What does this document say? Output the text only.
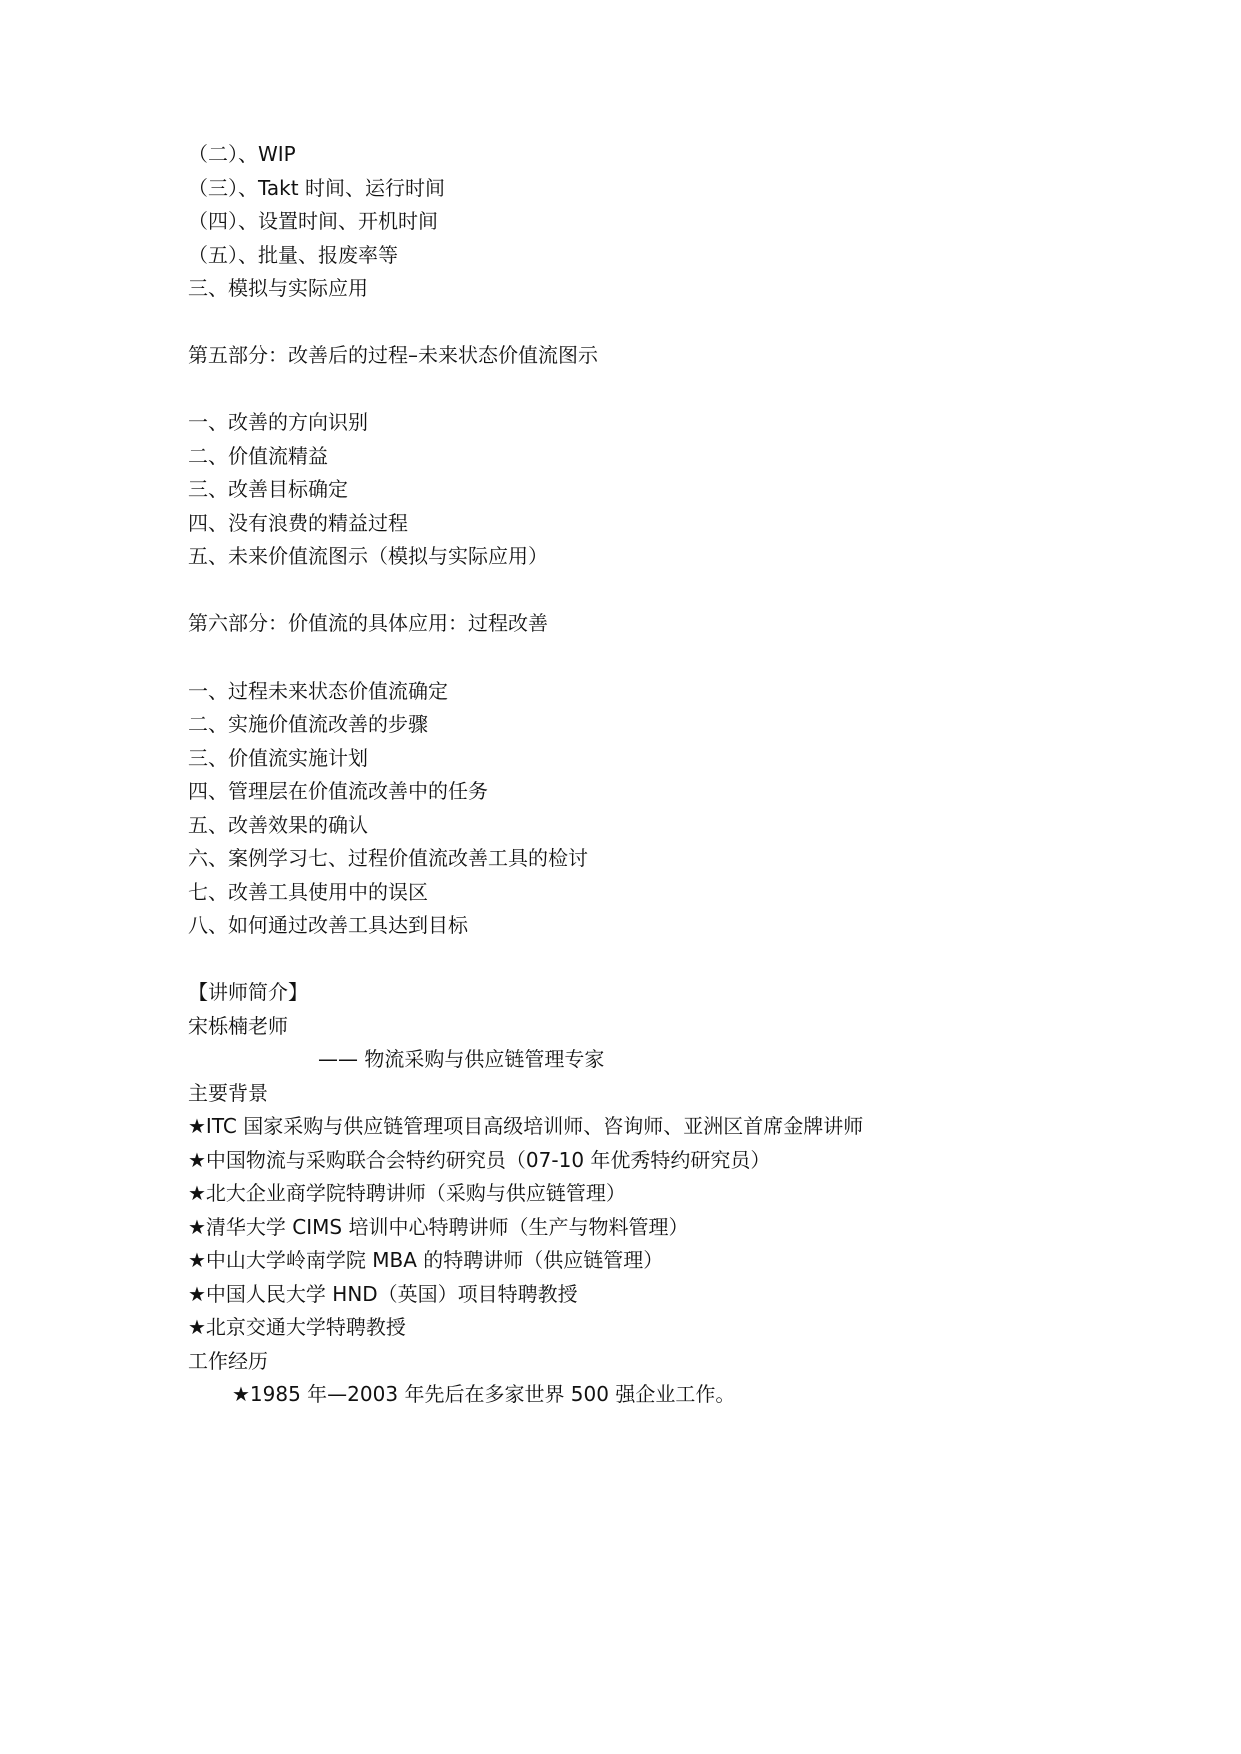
（二）、WIP

（三）、Takt 时间、运行时间

（四）、设置时间、开机时间

（五）、批量、报废率等

三、模拟与实际应用

第五部分：改善后的过程–未来状态价值流图示

一、改善的方向识别

二、价值流精益

三、改善目标确定

四、没有浪费的精益过程

五、未来价值流图示（模拟与实际应用）

第六部分：价值流的具体应用：过程改善

一、过程未来状态价值流确定

二、实施价值流改善的步骤

三、价值流实施计划

四、管理层在价值流改善中的任务

五、改善效果的确认

六、案例学习七、过程价值流改善工具的检讨

七、改善工具使用中的误区

八、如何通过改善工具达到目标

【讲师简介】

宋栎楠老师

—— 物流采购与供应链管理专家

主要背景

★ITC 国家采购与供应链管理项目高级培训师、咨询师、亚洲区首席金牌讲师

★中国物流与采购联合会特约研究员（07-10 年优秀特约研究员）

★北大企业商学院特聘讲师（采购与供应链管理）

★清华大学 CIMS 培训中心特聘讲师（生产与物料管理）

★中山大学岭南学院 MBA 的特聘讲师（供应链管理）

★中国人民大学 HND（英国）项目特聘教授

★北京交通大学特聘教授

工作经历

★1985 年—2003 年先后在多家世界 500 强企业工作。
